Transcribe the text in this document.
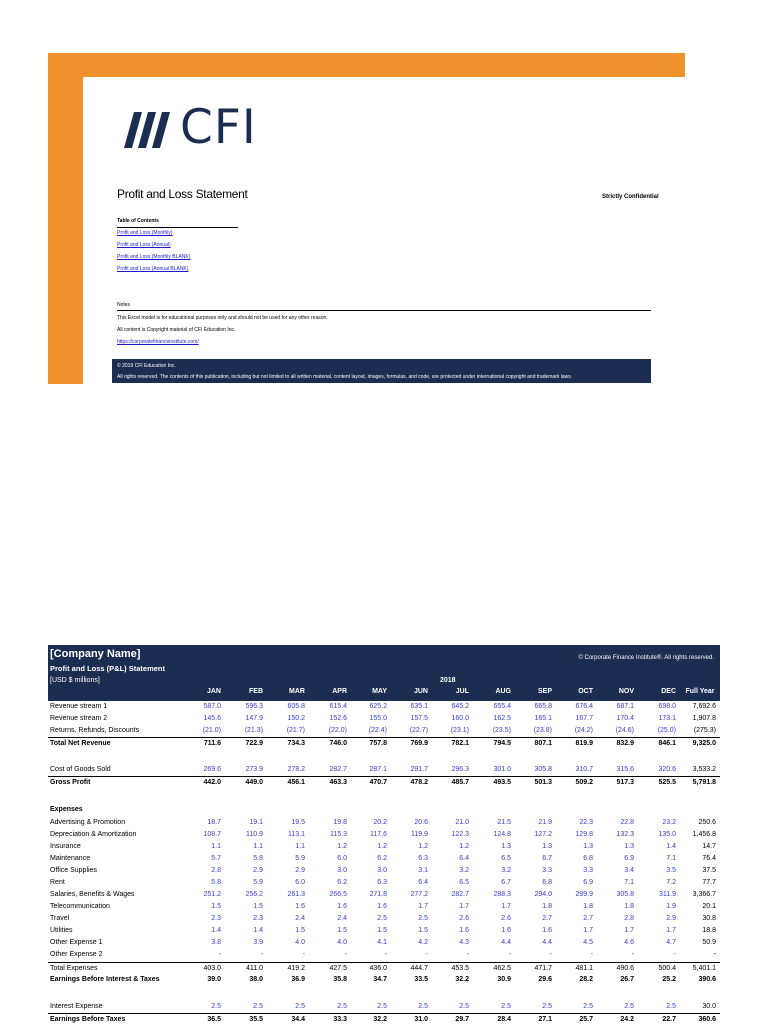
CFI
Profit and Loss Statement	Strictly Confidential
Table of Contents
Profit and Loss (Monthly)
Profit and Loss (Annual)
Profit and Loss (Monthly BLANK)
Profit and Loss (Annual BLANK)
Notes
This Excel model is for educational purposes only and should not be used for any other reason.
All content is Copyright material of CFI Education Inc.
https://corporatefinanceinstitute.com/
© 2019 CFI Education Inc.
All rights reserved. The contents of this publication, including but not limited to all written material, content layout, images, formulas, and code, are protected under international copyright and trademark laws.
[Company Name]
Profit and Loss (P&L) Statement
[USD $ millions]
© Corporate Finance Institute®. All rights reserved.
2018
JAN	FEB	MAR	APR	MAY	JUN	JUL	AUG	SEP	OCT	NOV	DEC	Full Year
Revenue stream 1	587.0	596.3	605.8	615.4	625.2	635.1	645.2	655.4	665.8	676.4	687.1	698.0	7,692.6
Revenue stream 2	145.6	147.9	150.2	152.6	155.0	157.5	160.0	162.5	165.1	167.7	170.4	173.1	1,907.8
Returns, Refunds, Discounts	(21.0)	(21.3)	(21.7)	(22.0)	(22.4)	(22.7)	(23.1)	(23.5)	(23.8)	(24.2)	(24.6)	(25.0)	(275.3)
Total Net Revenue	711.6	722.9	734.3	746.0	757.8	769.9	782.1	794.5	807.1	819.9	832.9	846.1	9,325.0
Cost of Goods Sold	269.6	273.9	278.2	282.7	287.1	291.7	296.3	301.0	305.8	310.7	315.6	320.6	3,533.2
Gross Profit	442.0	449.0	456.1	463.3	470.7	478.2	485.7	493.5	501.3	509.2	517.3	525.5	5,791.8
Advertising & Promotion	18.7	19.1	19.5	19.8	20.2	20.6	21.0	21.5	21.9	22.3	22.8	23.2	250.6
Depreciation & Amortization	108.7	110.9	113.1	115.3	117.6	119.9	122.3	124.8	127.2	129.8	132.3	135.0	1,456.8
Insurance	1.1	1.1	1.1	1.2	1.2	1.2	1.2	1.3	1.3	1.3	1.3	1.4	14.7
Maintenance	5.7	5.8	5.9	6.0	6.2	6.3	6.4	6.5	6.7	6.8	6.9	7.1	76.4
Office Supplies	2.8	2.9	2.9	3.0	3.0	3.1	3.2	3.2	3.3	3.3	3.4	3.5	37.5
Rent	5.8	5.9	6.0	6.2	6.3	6.4	6.5	6.7	6.8	6.9	7.1	7.2	77.7
Salaries, Benefits & Wages	251.2	256.2	261.3	266.5	271.8	277.2	282.7	288.3	294.0	299.9	305.8	311.9	3,366.7
Telecommunication	1.5	1.5	1.6	1.6	1.6	1.7	1.7	1.7	1.8	1.8	1.8	1.9	20.1
Travel	2.3	2.3	2.4	2.4	2.5	2.5	2.6	2.6	2.7	2.7	2.8	2.9	30.8
Utilities	1.4	1.4	1.5	1.5	1.5	1.5	1.6	1.6	1.6	1.7	1.7	1.7	18.8
Other Expense 1	3.8	3.9	4.0	4.0	4.1	4.2	4.3	4.4	4.4	4.5	4.6	4.7	50.9
Other Expense 2	-	-	-	-	-	-	-	-	-	-	-	-	-
Total Expenses	403.0	411.0	419.2	427.5	436.0	444.7	453.5	462.5	471.7	481.1	490.6	500.4	5,401.1
Earnings Before Interest & Taxes	39.0	38.0	36.9	35.8	34.7	33.5	32.2	30.9	29.6	28.2	26.7	25.2	390.6
Interest Expense	2.5	2.5	2.5	2.5	2.5	2.5	2.5	2.5	2.5	2.5	2.5	2.5	30.0
Earnings Before Taxes	36.5	35.5	34.4	33.3	32.2	31.0	29.7	28.4	27.1	25.7	24.2	22.7	360.6
Expenses
